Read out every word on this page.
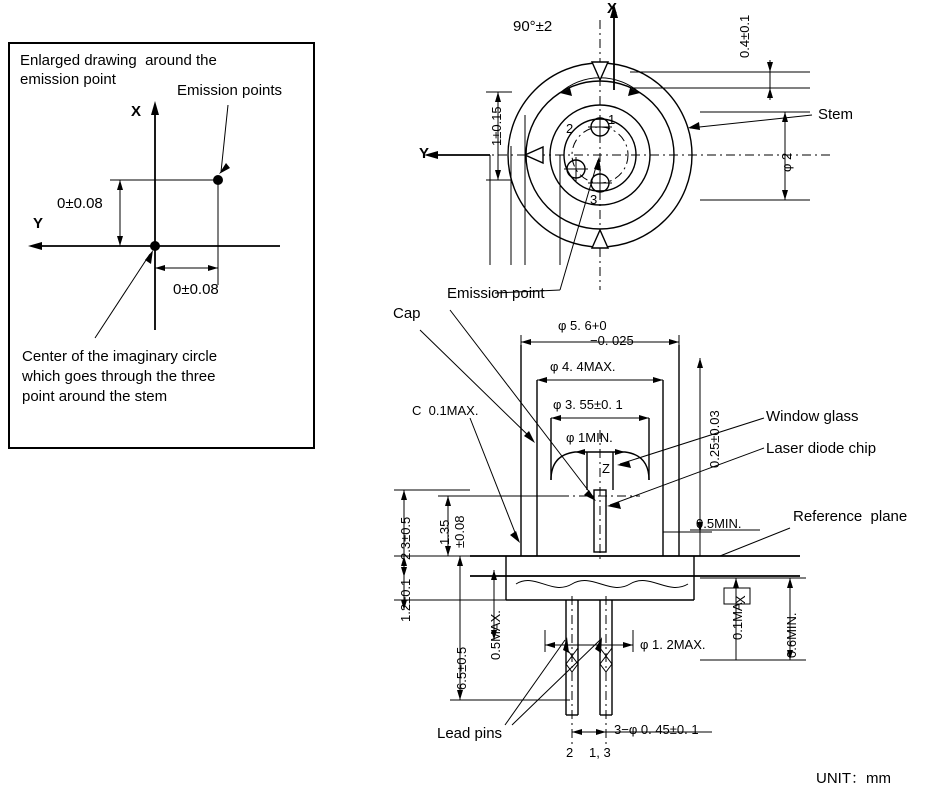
Enlarged drawing  around the
emission point
Emission points
X
Y
0±0.08
0±0.08
Center of the imaginary circle
which goes through the three
point around the stem
X
Y
90°±2
1
2
3
0.4±0.1
1±0.15
φ 2
Stem
Cap
Emission point
φ 5. 6+0
−0. 025
φ 4. 4MAX.
φ 3. 55±0. 1
φ 1MIN.
Z
0.25±0.03
C  0.1MAX.
0.5MIN.
Window glass
Laser diode chip
Reference  plane
2.3±0.5 1.35 ±0.08
1.2±0.1
6.5±0.5
0.5MAX.	0.1MA
X
0.6MIN.
φ 1. 2MAX.
3−φ 0. 45±0. 1
Lead pins
2 1, 3
UNIT：mm
